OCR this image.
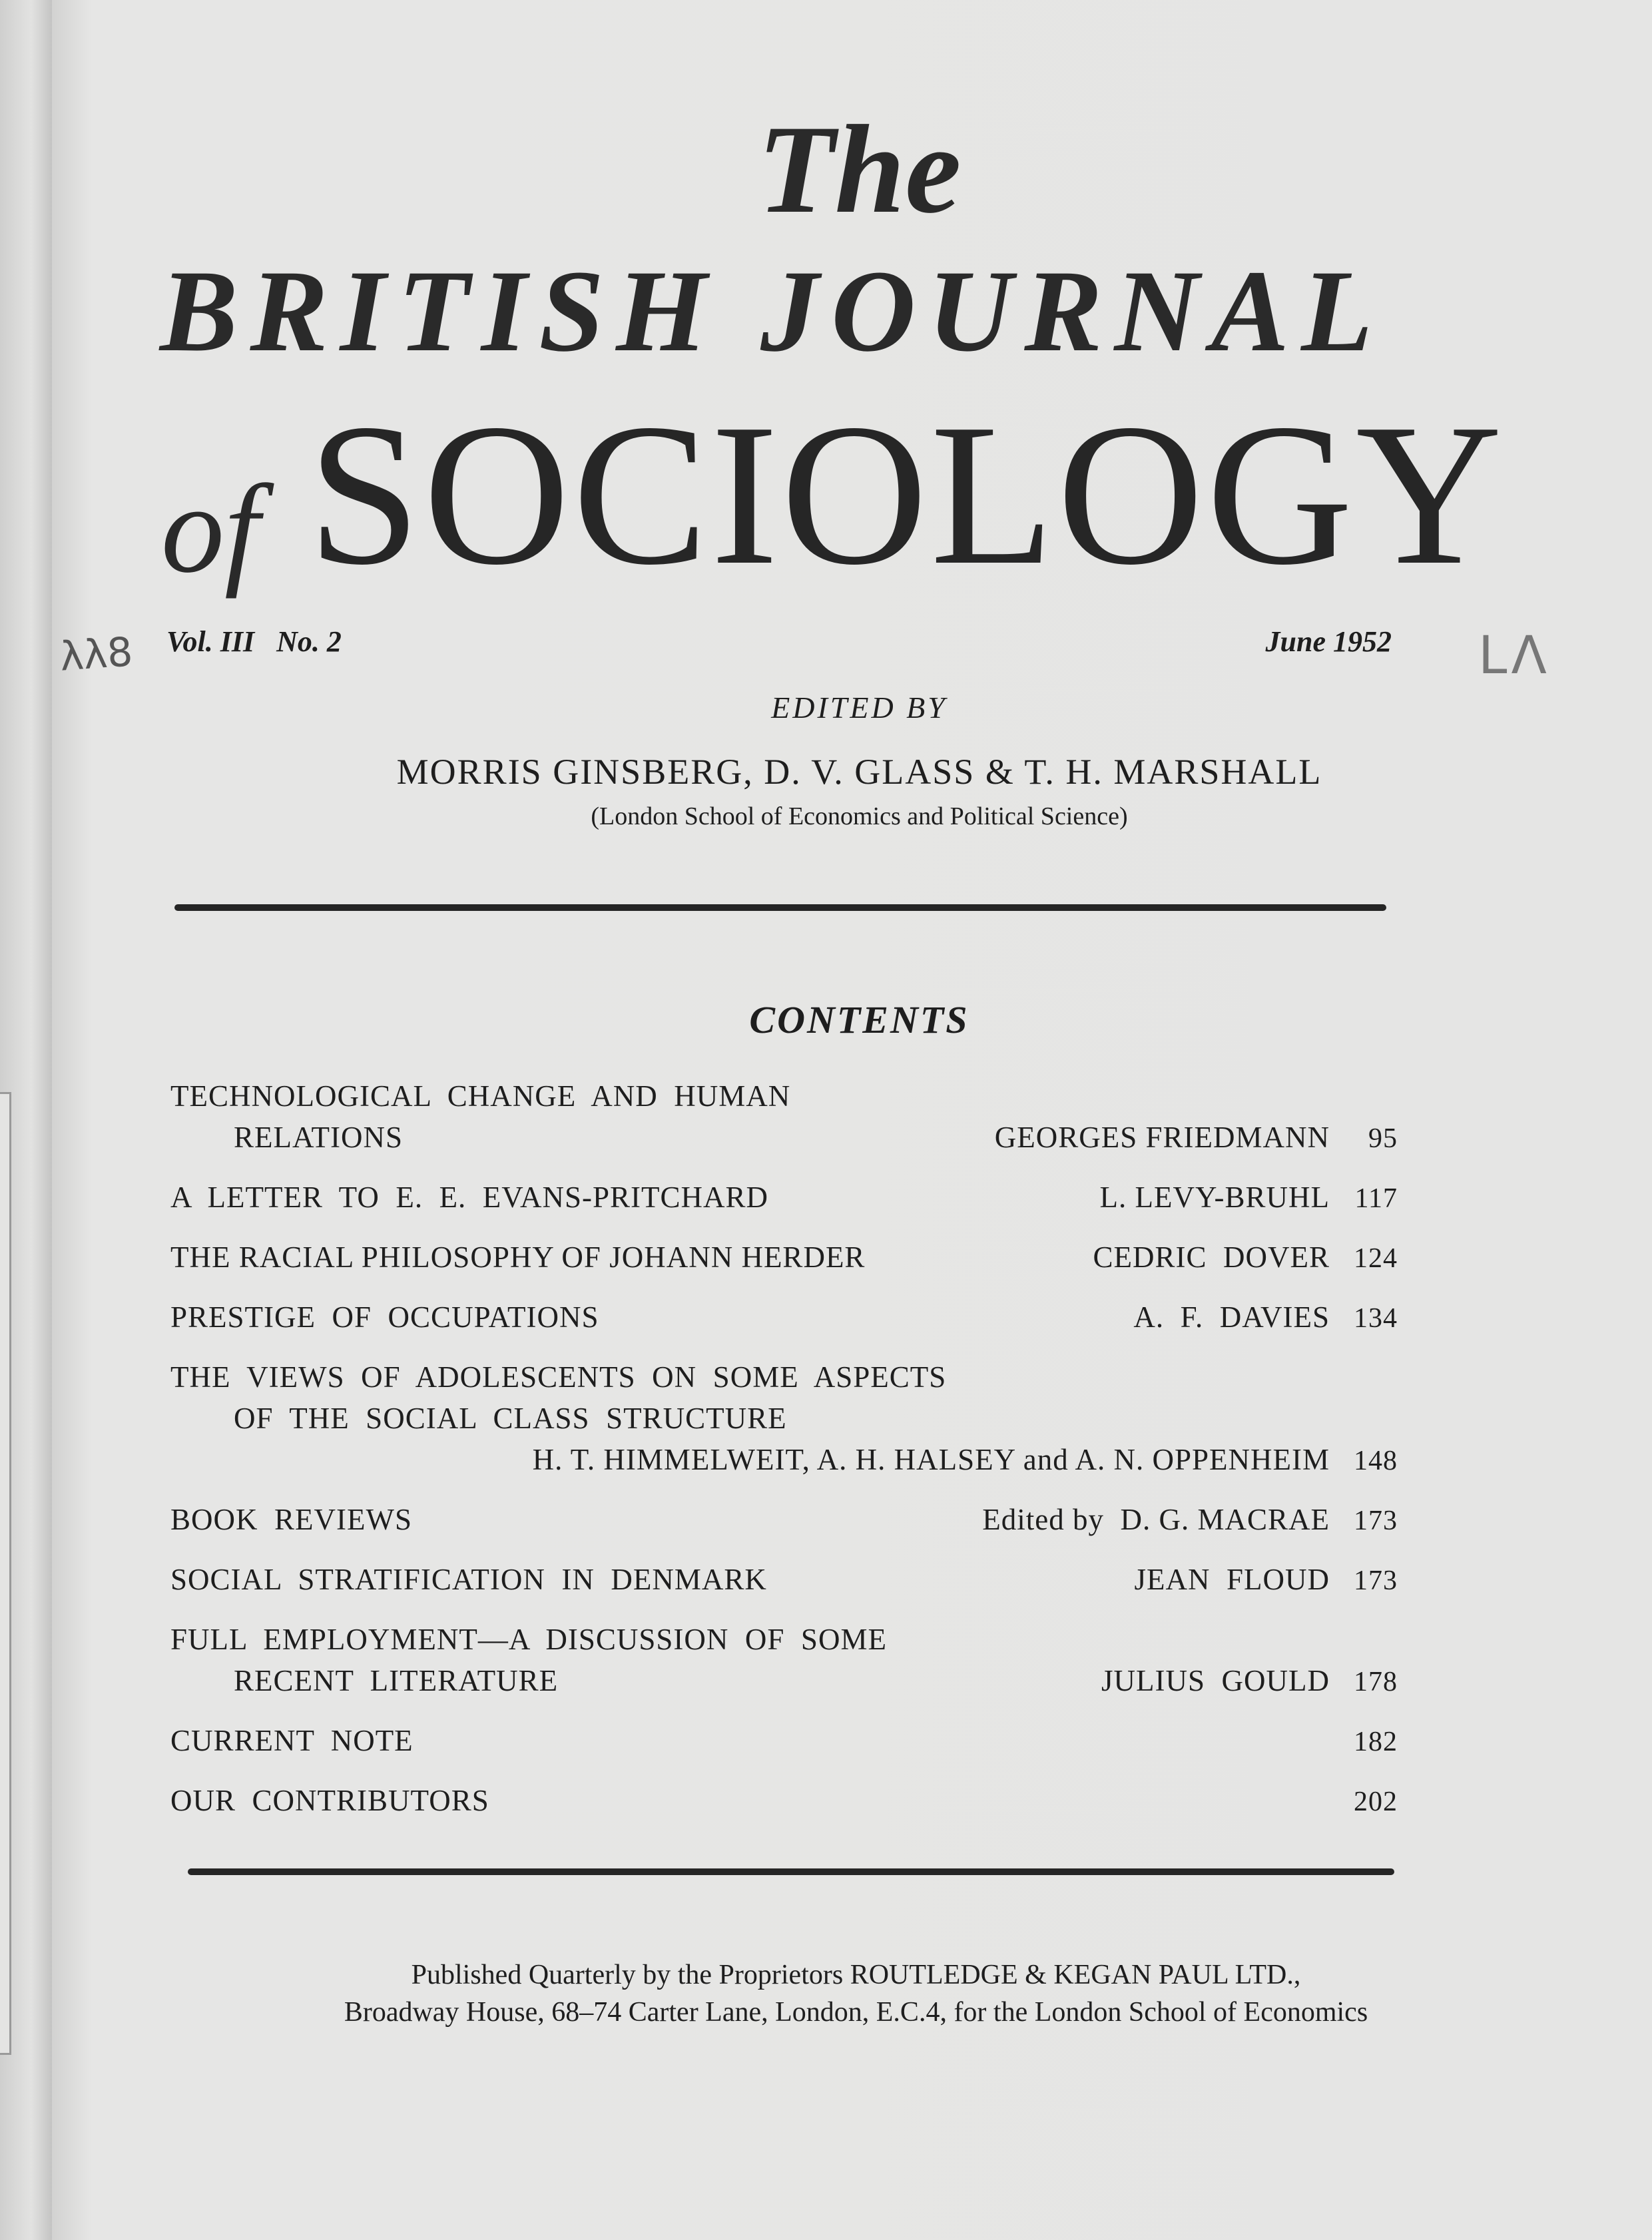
The
BRITISH JOURNAL
of SOCIOLOGY
λλ8 Vol. III   No. 2	June 1952 LΛ
EDITED BY
MORRIS GINSBERG, D. V. GLASS & T. H. MARSHALL
(London School of Economics and Political Science)
CONTENTS
TECHNOLOGICAL  CHANGE  AND  HUMAN
RELATIONS	GEORGES FRIEDMANN	95
A  LETTER  TO  E.  E.  EVANS-PRITCHARD	L. LEVY-BRUHL 117
THE RACIAL PHILOSOPHY OF JOHANN HERDER	CEDRIC  DOVER 124
PRESTIGE  OF  OCCUPATIONS	A.  F.  DAVIES 134
THE  VIEWS  OF  ADOLESCENTS  ON  SOME  ASPECTS
OF  THE  SOCIAL  CLASS  STRUCTURE
H. T. HIMMELWEIT, A. H. HALSEY and A. N. OPPENHEIM 148
BOOK  REVIEWS	Edited by  D. G. MACRAE 173
SOCIAL  STRATIFICATION  IN  DENMARK	JEAN  FLOUD 173
FULL  EMPLOYMENT—A  DISCUSSION  OF  SOME
RECENT  LITERATURE	JULIUS  GOULD 178
CURRENT  NOTE	182
OUR  CONTRIBUTORS	202
Published Quarterly by the Proprietors ROUTLEDGE & KEGAN PAUL LTD.,
Broadway House, 68–74 Carter Lane, London, E.C.4, for the London School of Economics
